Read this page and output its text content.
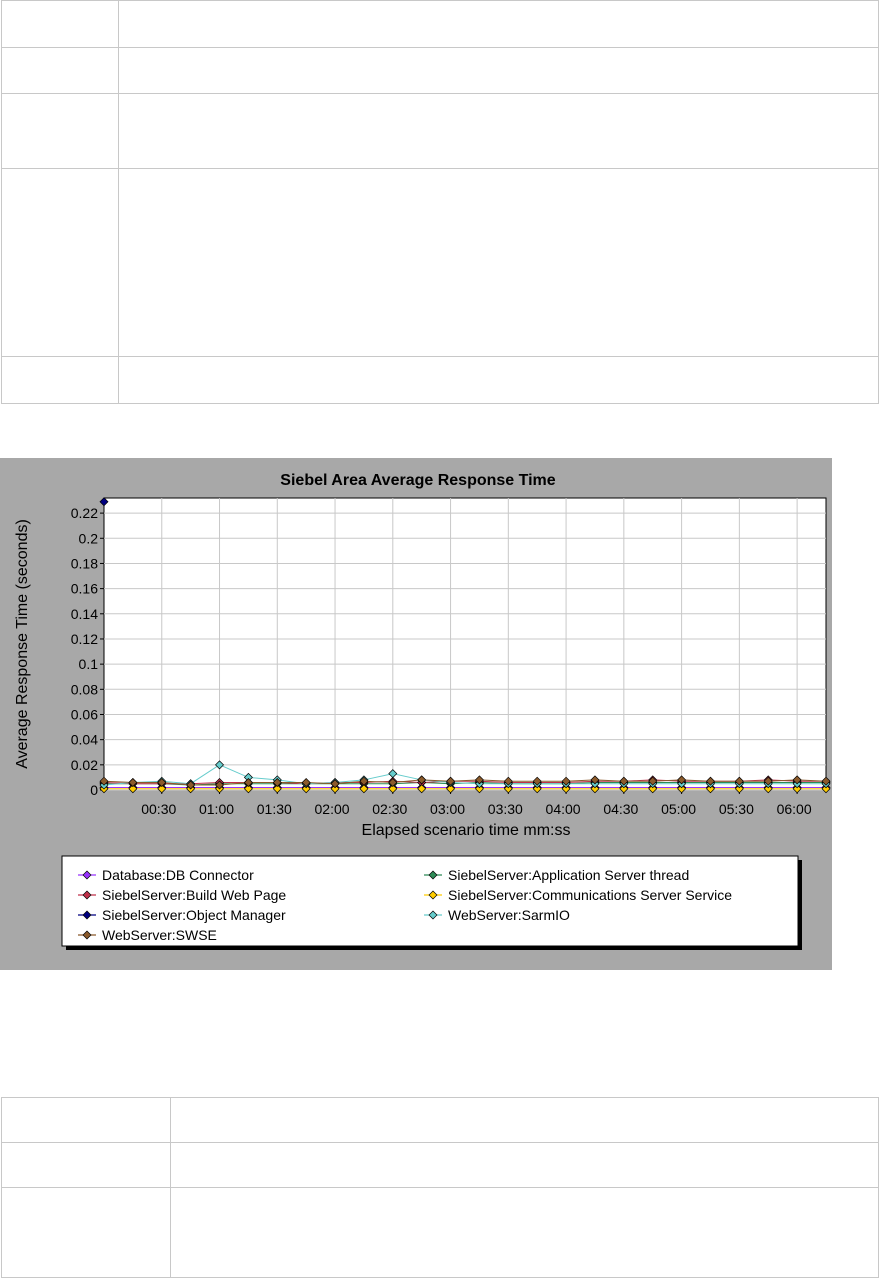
Siebel Area Average Response Time
0
0.02
0.04
0.06
0.08
0.1
0.12
0.14
0.16
0.18
0.2
0.22
00:30 01:00 01:30 02:00 02:30 03:00 03:30 04:00 04:30 05:00 05:30 06:00
Elapsed scenario time mm:ss
Average Response Time (seconds)
Database:DB Connector	SiebelServer:Application Server thread
SiebelServer:Build Web Page	SiebelServer:Communications Server Service
SiebelServer:Object Manager	WebServer:SarmIO
WebServer:SWSE
